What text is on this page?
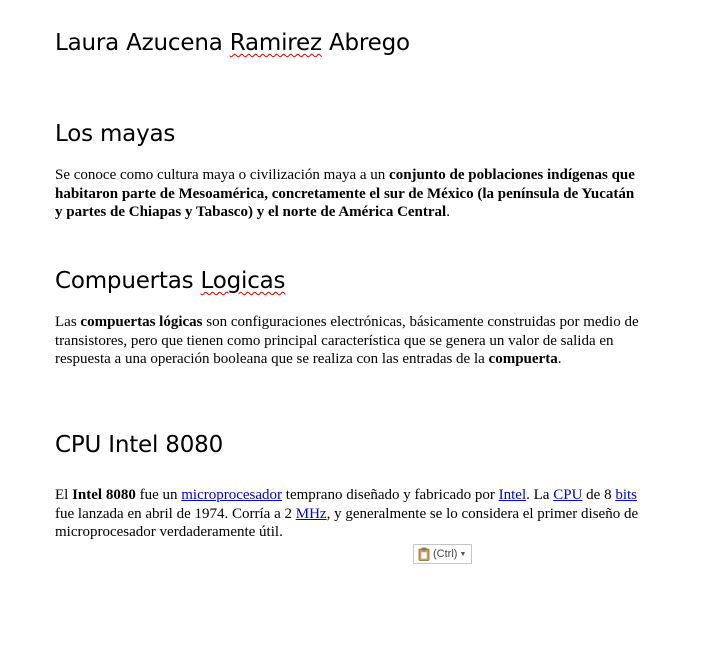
Laura Azucena Ramirez Abrego
Los mayas

Se conoce como cultura maya o civilización maya a un conjunto de poblaciones indígenas que habitaron parte de Mesoamérica, concretamente el sur de México (la península de Yucatán y partes de Chiapas y Tabasco) y el norte de América Central.

Compuertas Logicas

Las compuertas lógicas son configuraciones electrónicas, básicamente construidas por medio de transistores, pero que tienen como principal característica que se genera un valor de salida en respuesta a una operación booleana que se realiza con las entradas de la compuerta.

CPU Intel 8080

El Intel 8080 fue un microprocesador temprano diseñado y fabricado por Intel. La CPU de 8 bits fue lanzada en abril de 1974. Corría a 2 MHz, y generalmente se lo considera el primer diseño de microprocesador verdaderamente útil.

(Ctrl) ▼
